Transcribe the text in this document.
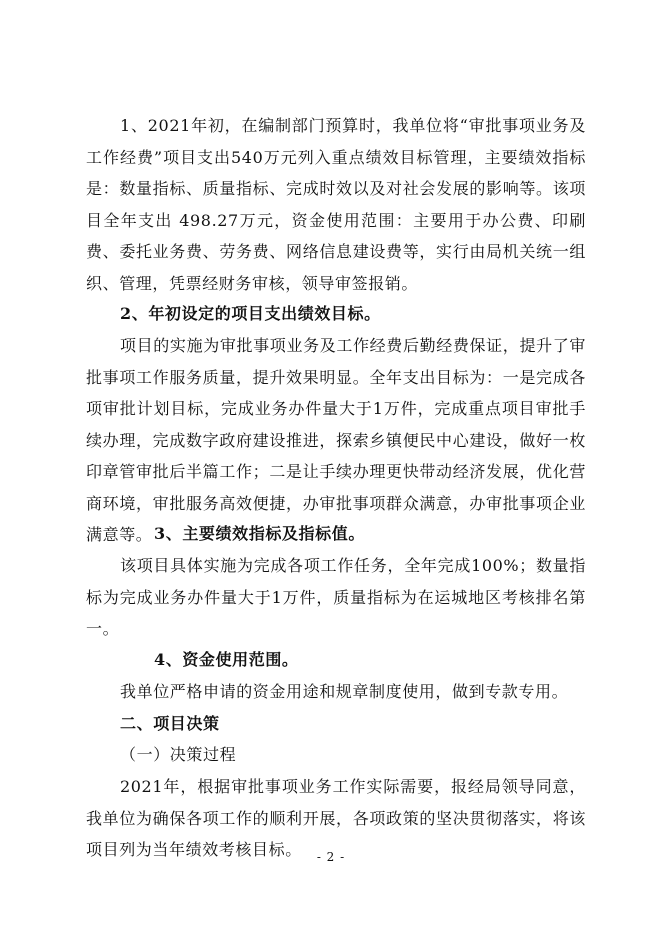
1、2021年初，在编制部门预算时，我单位将“审批事项业务及工作经费”项目支出540万元列入重点绩效目标管理，主要绩效指标是：数量指标、质量指标、完成时效以及对社会发展的影响等。该项目全年支出 498.27万元，资金使用范围：主要用于办公费、印刷费、委托业务费、劳务费、网络信息建设费等，实行由局机关统一组织、管理，凭票经财务审核，领导审签报销。

2、年初设定的项目支出绩效目标。

项目的实施为审批事项业务及工作经费后勤经费保证，提升了审批事项工作服务质量，提升效果明显。全年支出目标为：一是完成各项审批计划目标，完成业务办件量大于1万件，完成重点项目审批手续办理，完成数字政府建设推进，探索乡镇便民中心建设，做好一枚印章管审批后半篇工作；二是让手续办理更快带动经济发展，优化营商环境，审批服务高效便捷，办审批事项群众满意，办审批事项企业满意等。 3、主要绩效指标及指标值。

该项目具体实施为完成各项工作任务，全年完成100%；数量指标为完成业务办件量大于1万件，质量指标为在运城地区考核排名第一。

4、资金使用范围。

我单位严格申请的资金用途和规章制度使用，做到专款专用。

二、项目决策

（一）决策过程

2021年，根据审批事项业务工作实际需要，报经局领导同意，我单位为确保各项工作的顺利开展，各项政策的坚决贯彻落实，将该项目列为当年绩效考核目标。	- 2 -
